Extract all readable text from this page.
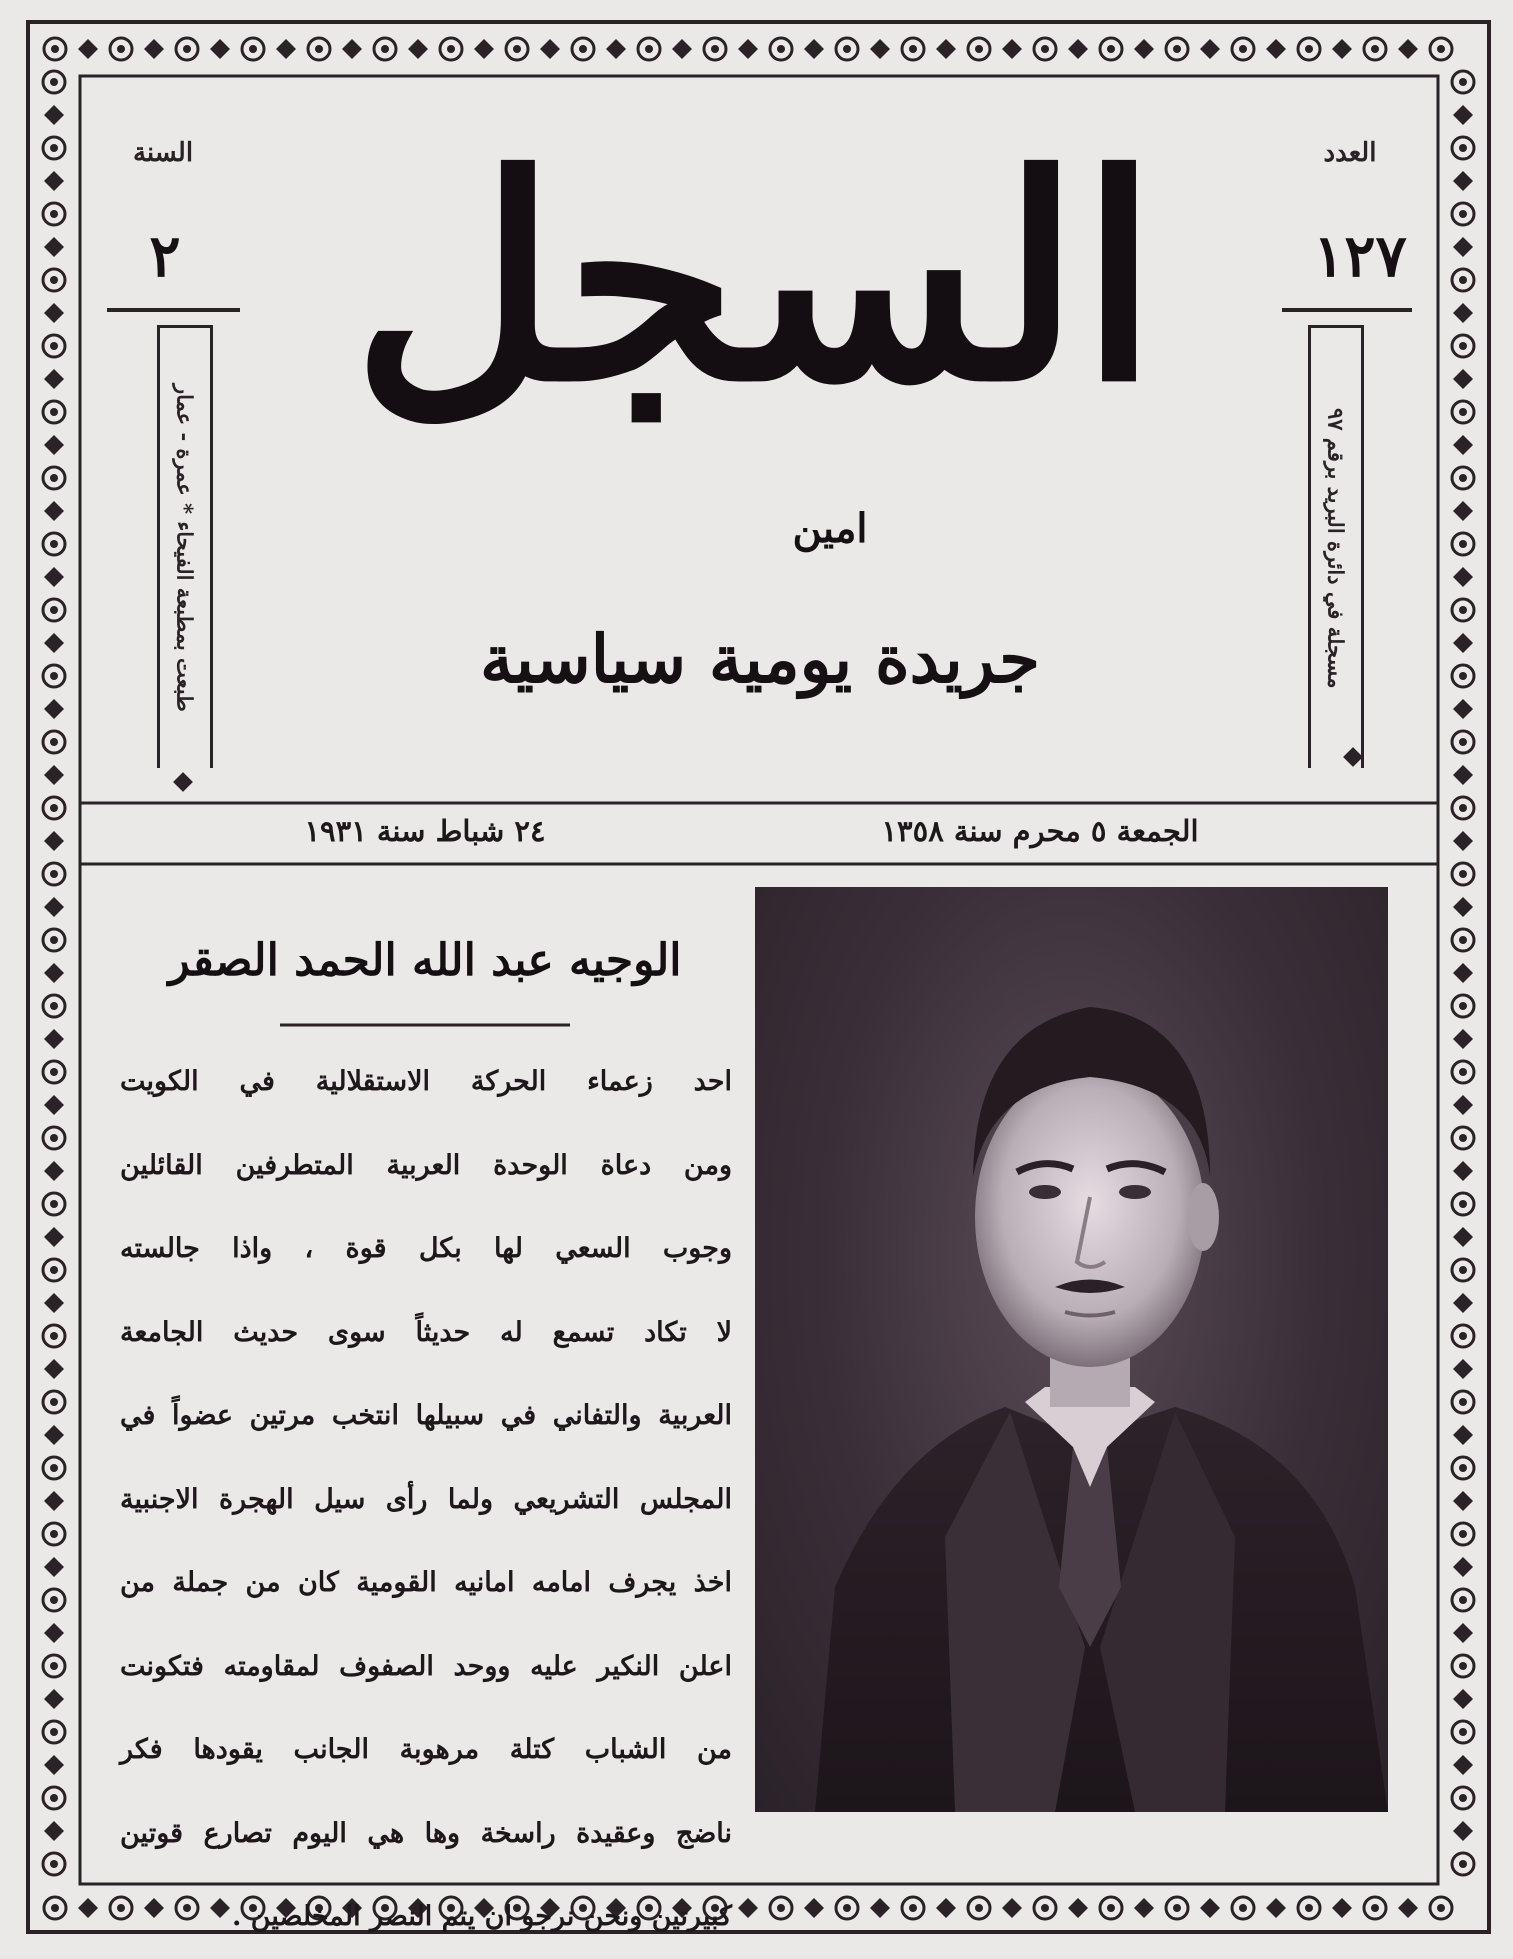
العدد
١٢٧
السنة
٢
مسجلة في دائرة البريد برقم ٩٧
طبعت بمطبعة الفيحاء * عمرة - عمار
السجل
امين
جريدة يومية سياسية
الجمعة ٥ محرم سنة ١٣٥٨
٢٤ شباط سنة ١٩٣١
الوجيه عبد الله الحمد الصقر

احد زعماء الحركة الاستقلالية في الكويت

ومن دعاة الوحدة العربية المتطرفين القائلين

وجوب السعي لها بكل قوة ، واذا جالسته

لا تكاد تسمع له حديثاً سوى حديث الجامعة

العربية والتفاني في سبيلها انتخب مرتين عضواً في

المجلس التشريعي ولما رأى سيل الهجرة الاجنبية

اخذ يجرف امامه امانيه القومية كان من جملة من

اعلن النكير عليه ووحد الصفوف لمقاومته فتكونت

من الشباب كتلة مرهوبة الجانب يقودها فكر

ناضج وعقيدة راسخة وها هي اليوم تصارع قوتين

كبيرتين ونحن نرجو ان يتم النصر المخلصين .
